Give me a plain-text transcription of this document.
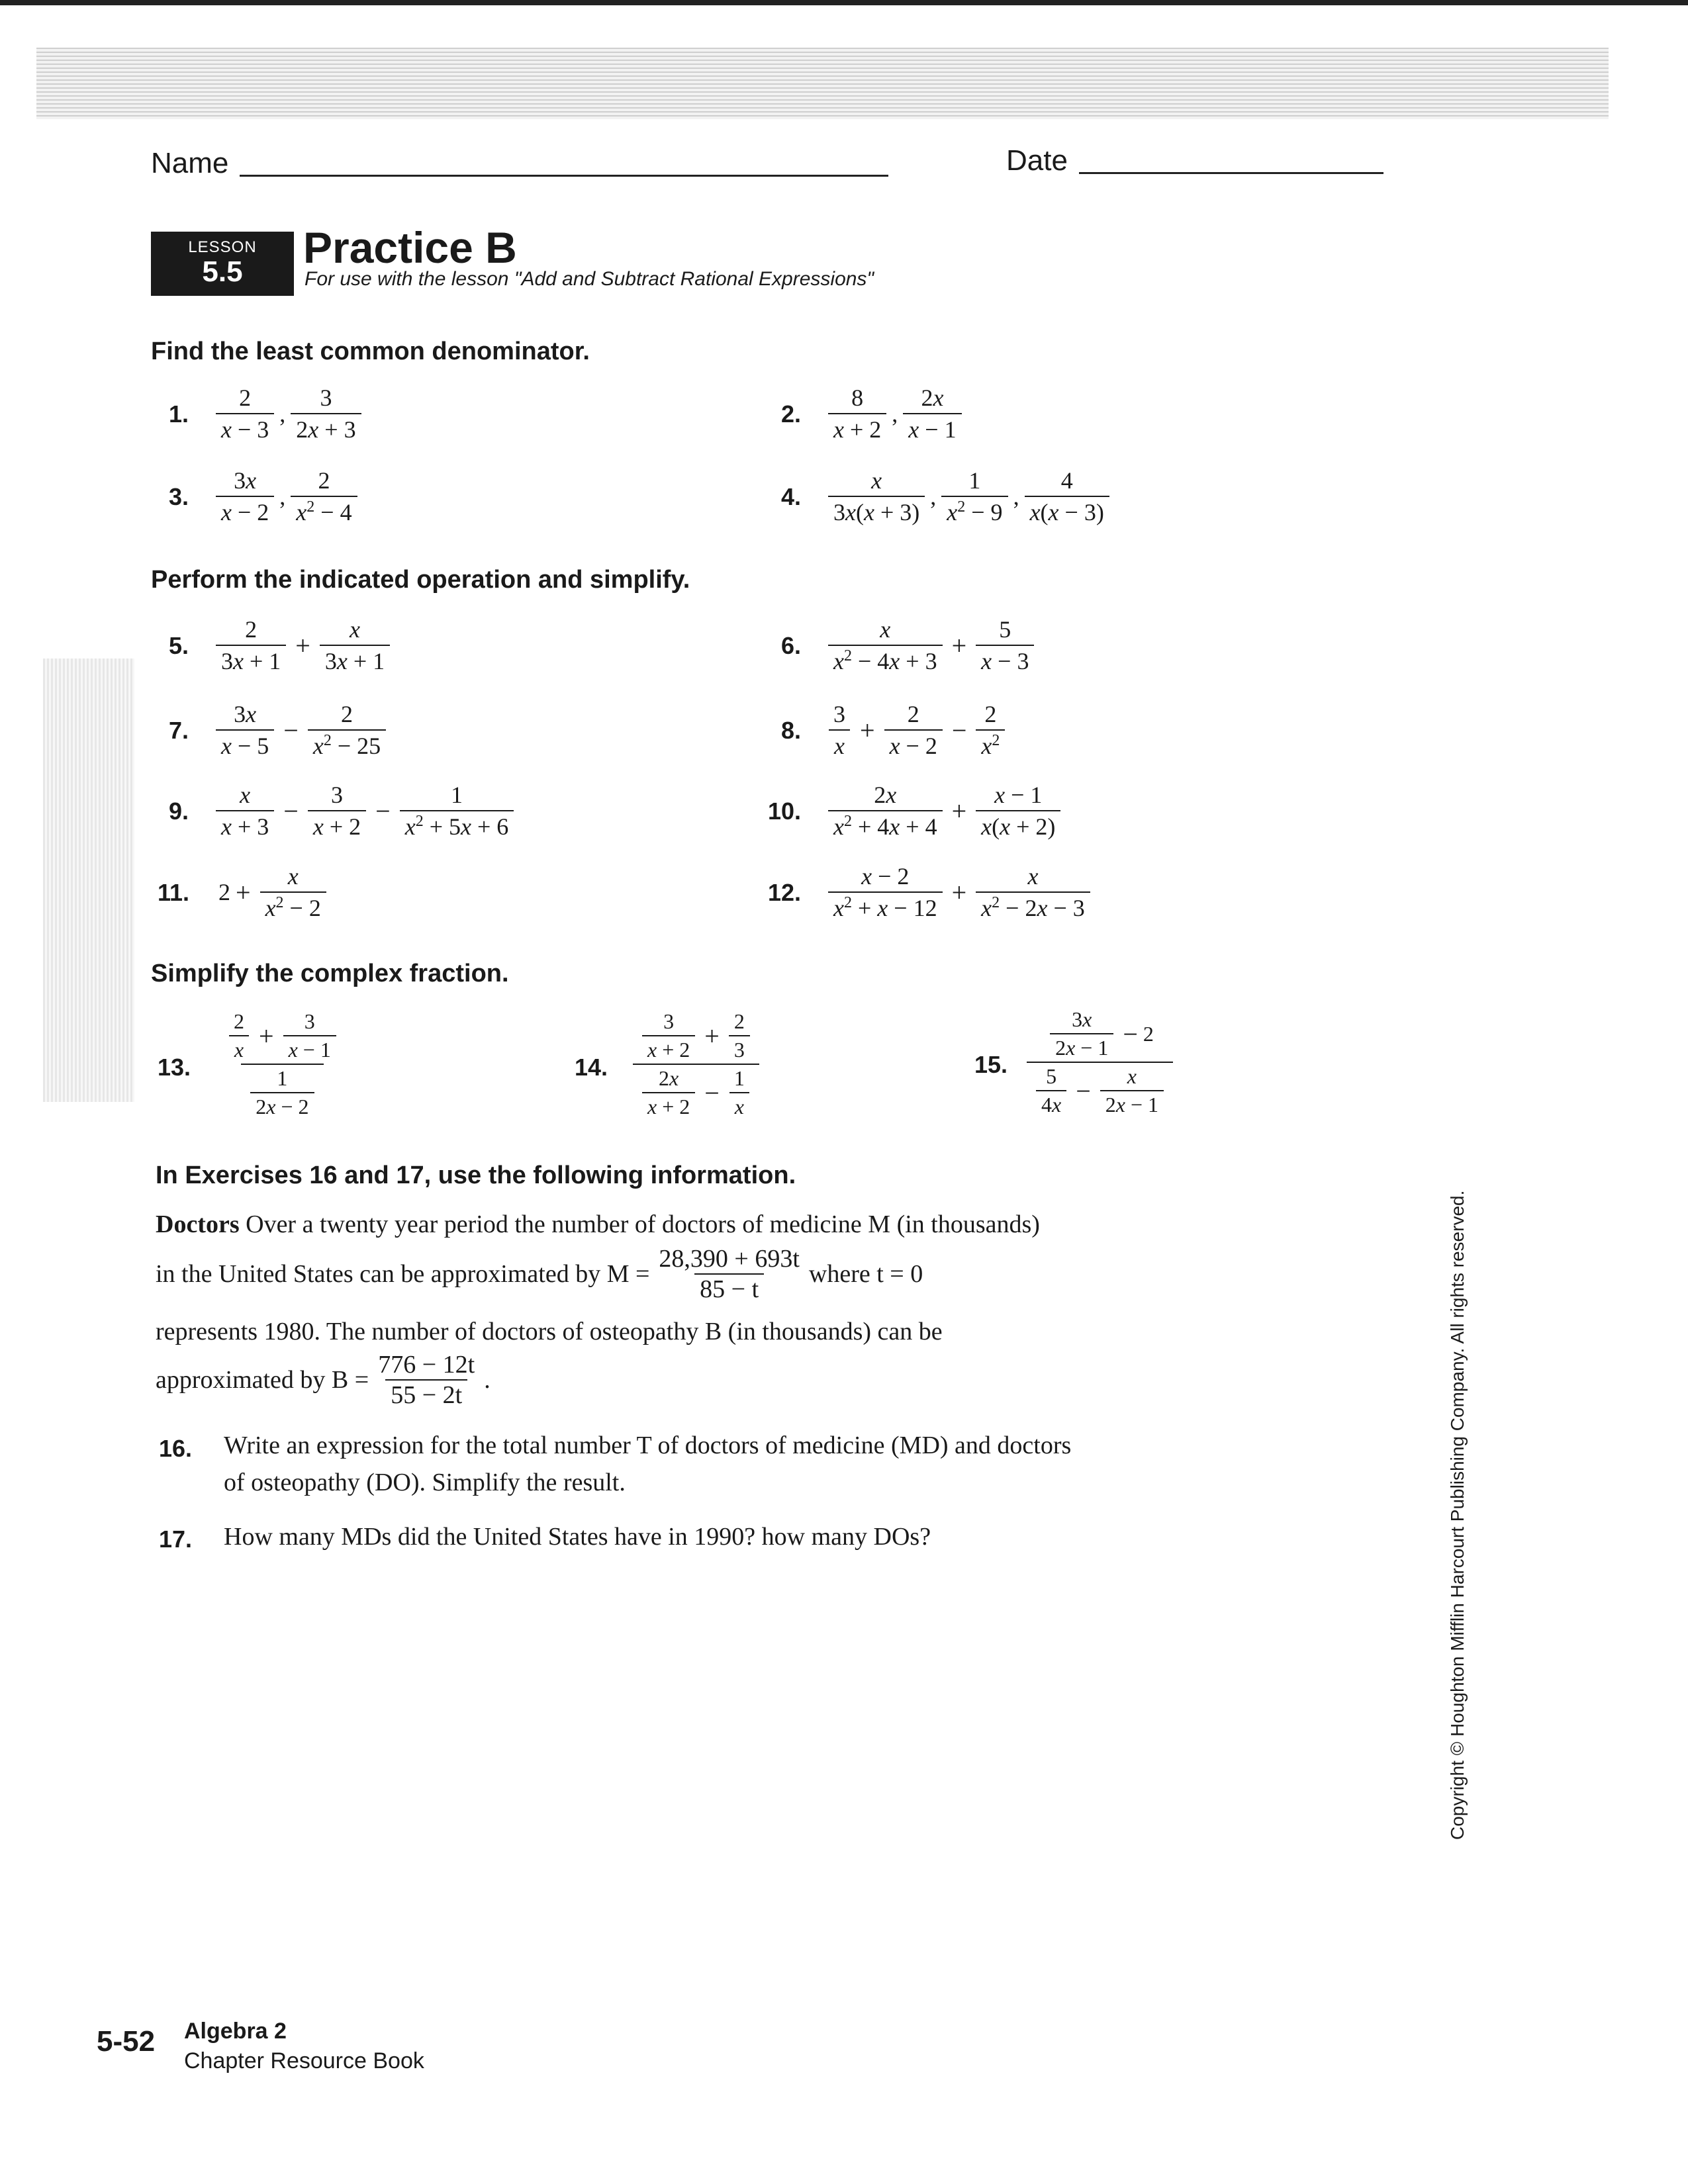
Name	Date
LESSON
5.5	Practice B
For use with the lesson "Add and Subtract Rational Expressions"
Find the least common denominator.
1. $\frac{2}{x - 3}$ , $\frac{3}{2x + 3}$	2. $\frac{8}{x + 2}$ , $\frac{2x}{x - 1}$
3. $\frac{3x}{x - 2}$ , $\frac{2}{x^2 - 4}$	4. $\frac{x}{3x(x + 3)}$ , $\frac{1}{x^2 - 9}$ , $\frac{4}{x(x - 3)}$
Perform the indicated operation and simplify.
5. $\frac{2}{3x + 1} + \frac{x}{3x + 1}$	6. $\frac{x}{x^2 - 4x + 3} + \frac{5}{x - 3}$
7. $\frac{3x}{x - 5} - \frac{2}{x^2 - 25}$	8. $\frac{3}{x} + \frac{2}{x - 2} - \frac{2}{x^2}$
9. $\frac{x}{x + 3} - \frac{3}{x + 2} - \frac{1}{x^2 + 5x + 6}$	10. $\frac{2x}{x^2 + 4x + 4} + \frac{x - 1}{x(x + 2)}$
11. $2 + \frac{x}{x^2 - 2}$	12. $\frac{x - 2}{x^2 + x - 12} + \frac{x}{x^2 - 2x - 3}$
Simplify the complex fraction.
13. $\frac{\frac{2}{x} + \frac{3}{x - 1}}{\frac{1}{2x - 2}}$	14. $\frac{\frac{3}{x + 2} + \frac{2}{3}}{\frac{2x}{x + 2} - \frac{1}{x}}$	15. $\frac{\frac{3x}{2x - 1} - 2}{\frac{5}{4x} - \frac{x}{2x - 1}}$
In Exercises 16 and 17, use the following information.
Doctors Over a twenty year period the number of doctors of medicine M (in thousands)
in the United States can be approximated by $M = \frac{28,390 + 693t}{85 - t}$ where t = 0
represents 1980. The number of doctors of osteopathy B (in thousands) can be
approximated by $B = \frac{776 - 12t}{55 - 2t}$ .
16. Write an expression for the total number T of doctors of medicine (MD) and doctors
of osteopathy (DO). Simplify the result.
17. How many MDs did the United States have in 1990? how many DOs?	Copyright © Houghton Mifflin Harcourt Publishing Company. All rights reserved.
5-52 Algebra 2
Chapter Resource Book
